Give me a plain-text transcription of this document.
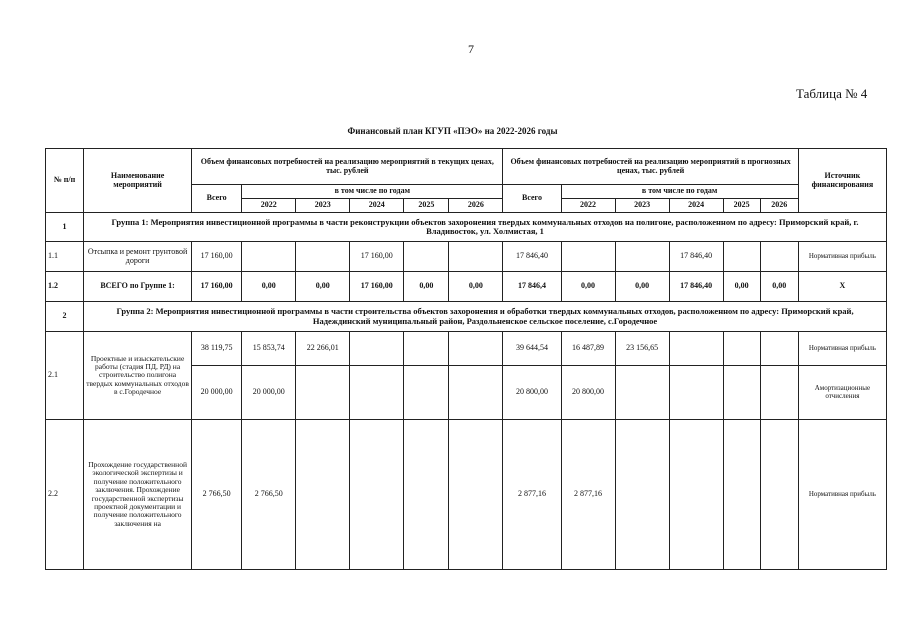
7
Таблица № 4
Финансовый план КГУП «ПЭО» на 2022-2026 годы
№ п/п	Наименование мероприятий	Объем финансовых потребностей на реализацию мероприятий в текущих ценах, тыс. рублей						Объем финансовых потребностей на реализацию мероприятий в прогнозных ценах, тыс. рублей						Источник финансирования
		Всего	в том числе по годам					Всего	в том числе по годам					
			2022	2023	2024	2025	2026		2022	2023	2024	2025	2026	
1	Группа 1: Мероприятия инвестиционной программы в части реконструкции объектов захоронения твердых коммунальных отходов на полигоне, расположенном по адресу: Приморский край, г. Владивосток, ул. Холмистая, 1													
1.1	Отсыпка и ремонт грунтовой дороги	17 160,00			17 160,00			17 846,40			17 846,40			Нормативная прибыль
1.2	ВСЕГО по Группе 1:	17 160,00	0,00	0,00	17 160,00	0,00	0,00	17 846,4	0,00	0,00	17 846,40	0,00	0,00	X
2	Группа 2: Мероприятия инвестиционной программы в части строительства объектов захоронения и обработки твердых коммунальных отходов, расположенном по адресу: Приморский край, Надеждинский муниципальный район, Раздольненское сельское поселение, с.Городечное													
2.1	Проектные и изыскательские работы (стадия ПД, РД) на строительство полигона твердых коммунальных отходов в с.Городечное	38 119,75	15 853,74	22 266,01				39 644,54	16 487,89	23 156,65				Нормативная прибыль
		20 000,00	20 000,00					20 800,00	20 800,00					Амортизационные отчисления
2.2	Прохождение государственной экологической экспертизы и получение положительного заключения. Прохождение государственной экспертизы проектной документации и получение положительного заключения на	2 766,50	2 766,50					2 877,16	2 877,16					Нормативная прибыль
